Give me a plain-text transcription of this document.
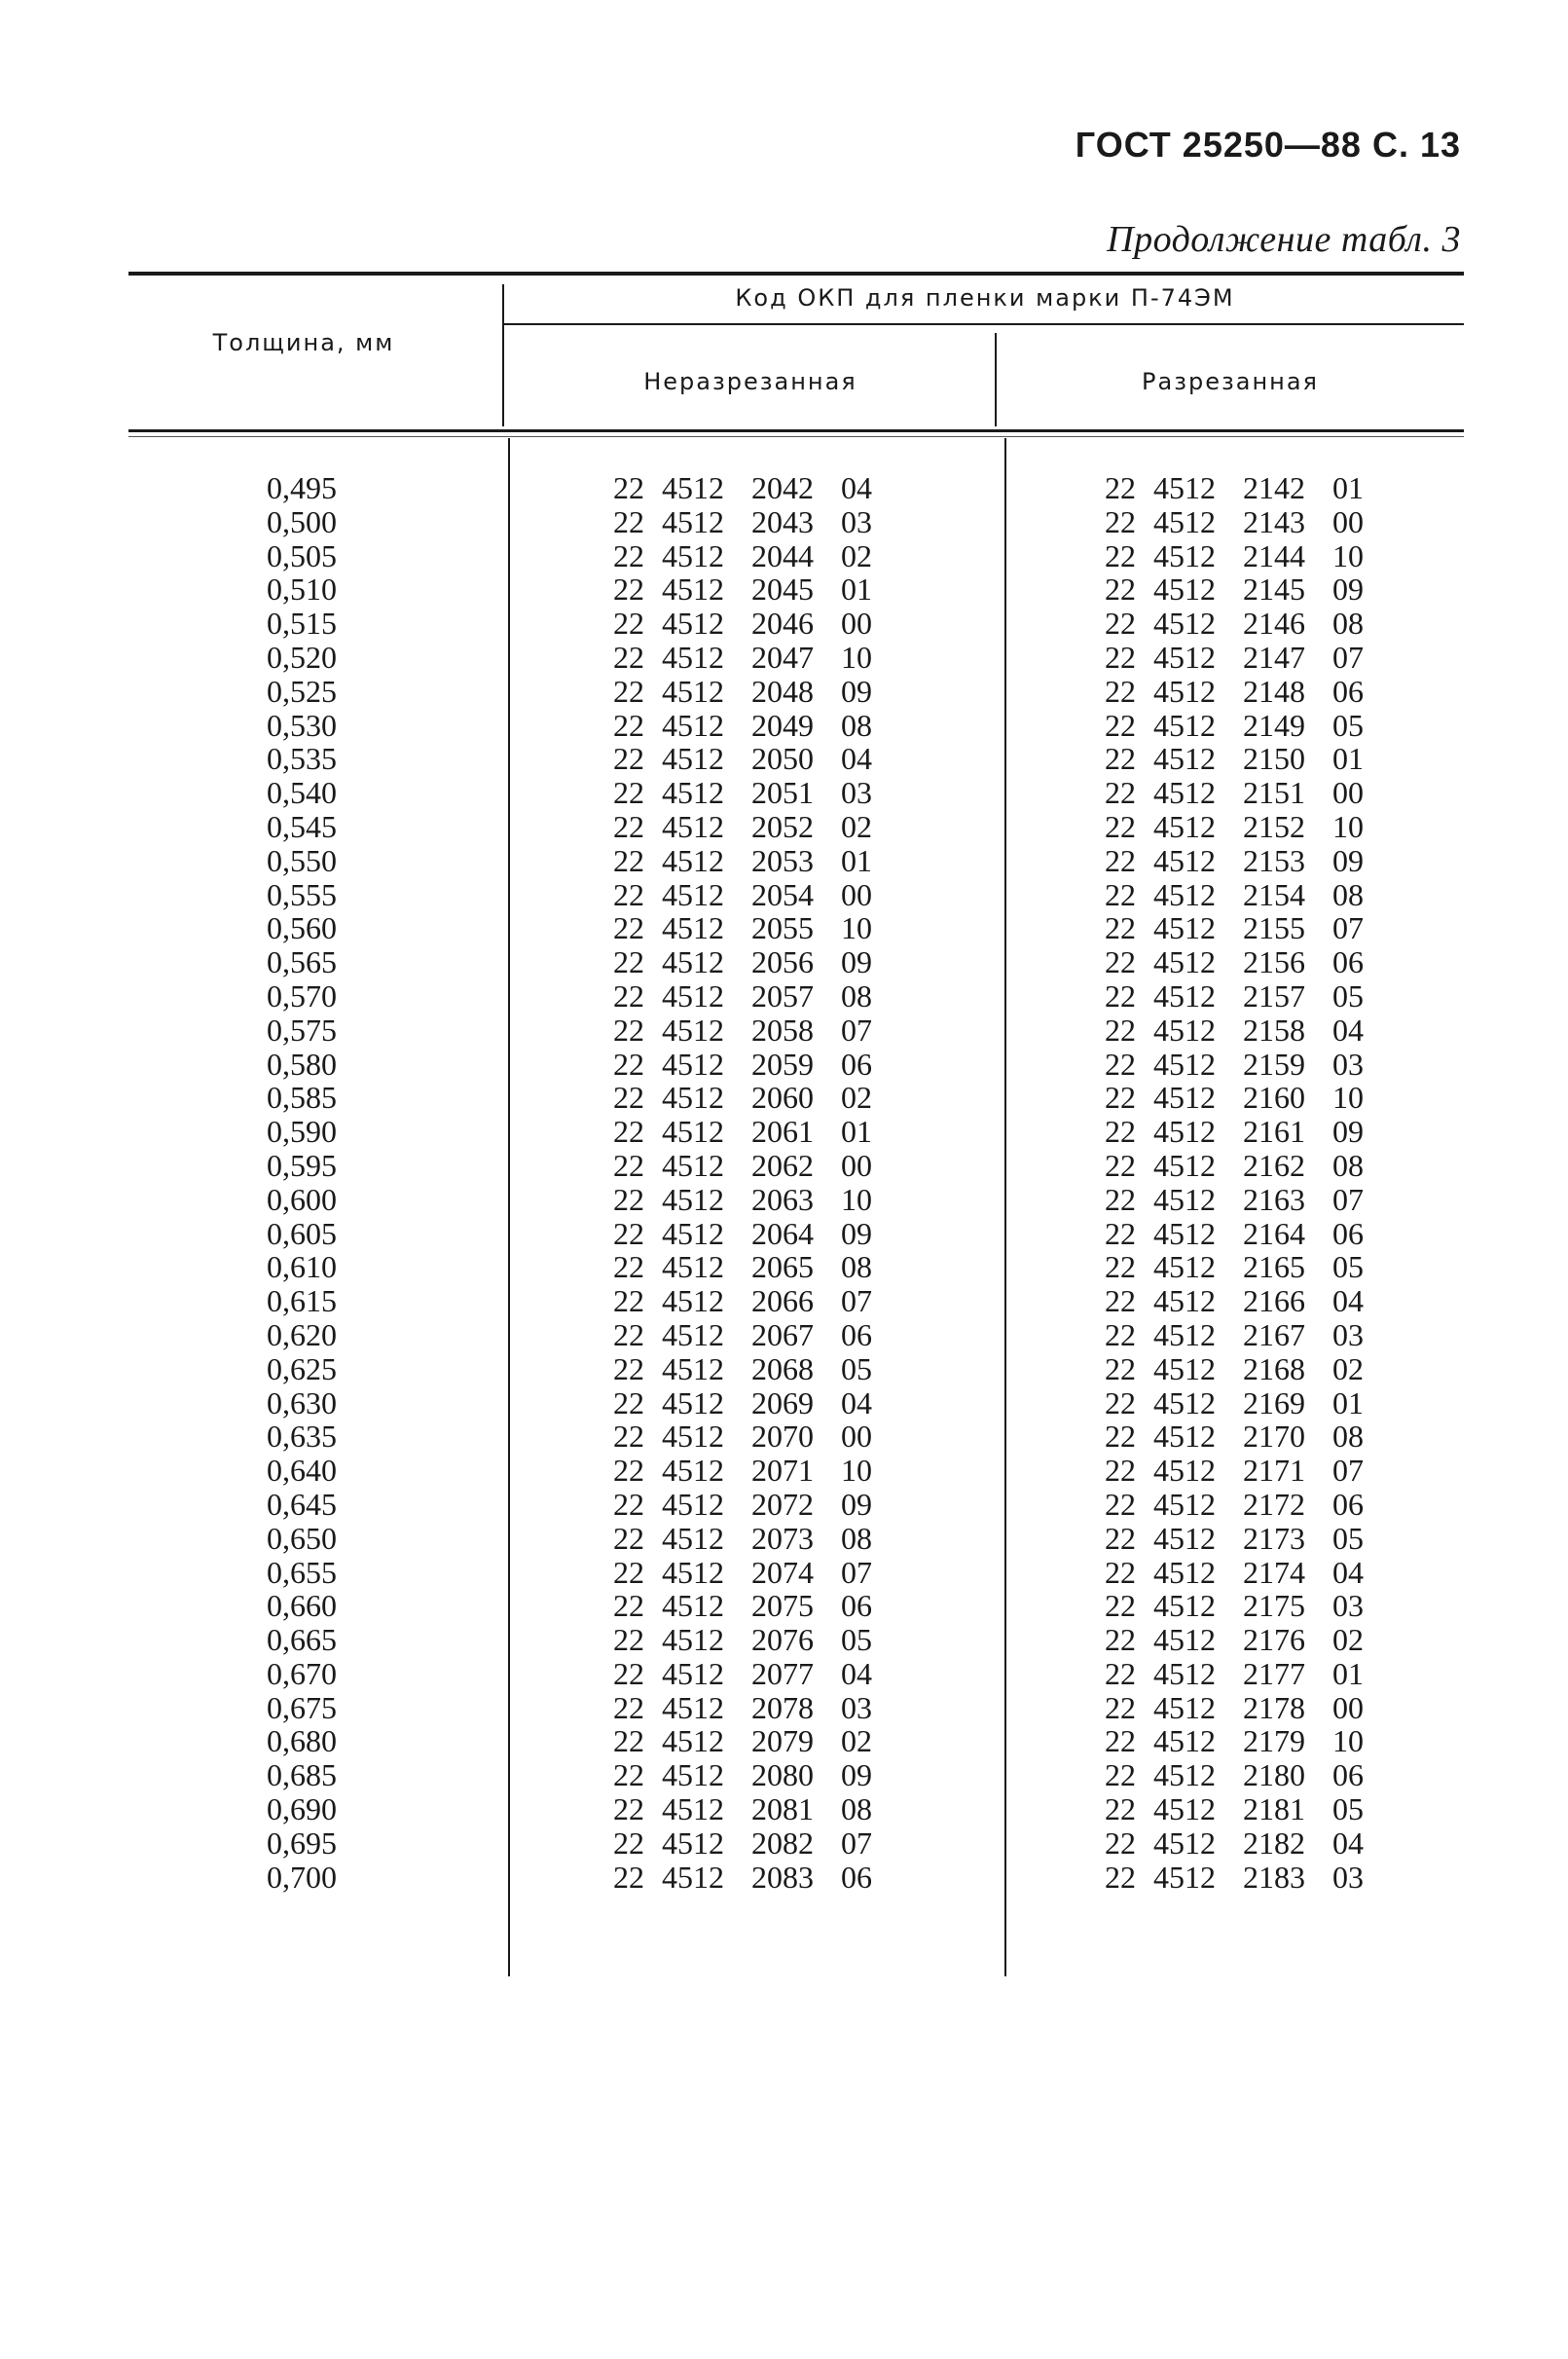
ГОСТ 25250—88 С. 13
Продолжение табл. 3
Толщина, мм
Код ОКП для пленки марки П-74ЭМ
Неразрезанная	Разрезанная
0,495
0,500
0,505
0,510
0,515
0,520
0,525
0,530
0,535
0,540
0,545
0,550
0,555
0,560
0,565
0,570
0,575
0,580
0,585
0,590
0,595
0,600
0,605
0,610
0,615
0,620
0,625
0,630
0,635
0,640
0,645
0,650
0,655
0,660
0,665
0,670
0,675
0,680
0,685
0,690
0,695
0,700
22 4512 2042 04
22 4512 2043 03
22 4512 2044 02
22 4512 2045 01
22 4512 2046 00
22 4512 2047 10
22 4512 2048 09
22 4512 2049 08
22 4512 2050 04
22 4512 2051 03
22 4512 2052 02
22 4512 2053 01
22 4512 2054 00
22 4512 2055 10
22 4512 2056 09
22 4512 2057 08
22 4512 2058 07
22 4512 2059 06
22 4512 2060 02
22 4512 2061 01
22 4512 2062 00
22 4512 2063 10
22 4512 2064 09
22 4512 2065 08
22 4512 2066 07
22 4512 2067 06
22 4512 2068 05
22 4512 2069 04
22 4512 2070 00
22 4512 2071 10
22 4512 2072 09
22 4512 2073 08
22 4512 2074 07
22 4512 2075 06
22 4512 2076 05
22 4512 2077 04
22 4512 2078 03
22 4512 2079 02
22 4512 2080 09
22 4512 2081 08
22 4512 2082 07
22 4512 2083 06
22 4512 2142 01
22 4512 2143 00
22 4512 2144 10
22 4512 2145 09
22 4512 2146 08
22 4512 2147 07
22 4512 2148 06
22 4512 2149 05
22 4512 2150 01
22 4512 2151 00
22 4512 2152 10
22 4512 2153 09
22 4512 2154 08
22 4512 2155 07
22 4512 2156 06
22 4512 2157 05
22 4512 2158 04
22 4512 2159 03
22 4512 2160 10
22 4512 2161 09
22 4512 2162 08
22 4512 2163 07
22 4512 2164 06
22 4512 2165 05
22 4512 2166 04
22 4512 2167 03
22 4512 2168 02
22 4512 2169 01
22 4512 2170 08
22 4512 2171 07
22 4512 2172 06
22 4512 2173 05
22 4512 2174 04
22 4512 2175 03
22 4512 2176 02
22 4512 2177 01
22 4512 2178 00
22 4512 2179 10
22 4512 2180 06
22 4512 2181 05
22 4512 2182 04
22 4512 2183 03
